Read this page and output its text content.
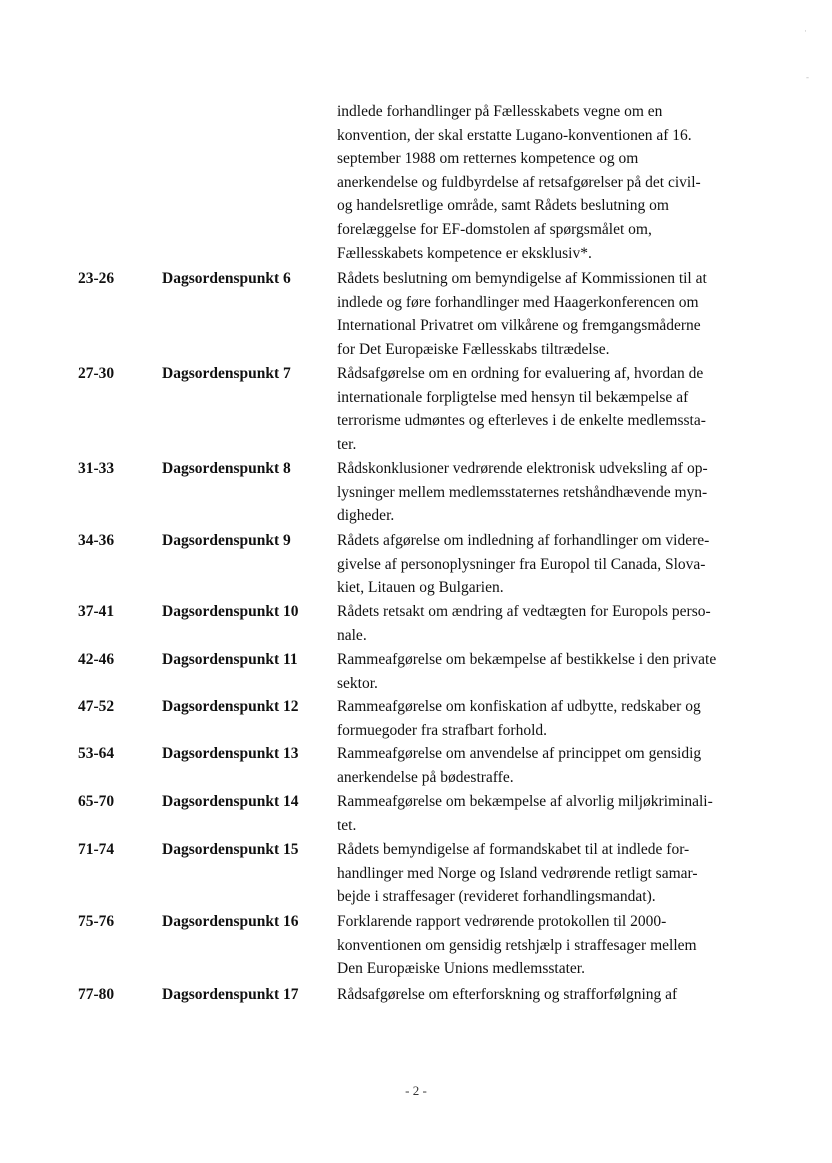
·
-
indlede forhandlinger på Fællesskabets vegne om en
konvention, der skal erstatte Lugano-konventionen af 16.
september 1988 om retternes kompetence og om
anerkendelse og fuldbyrdelse af retsafgørelser på det civil-
og handelsretlige område, samt Rådets beslutning om
forelæggelse for EF-domstolen af spørgsmålet om,
Fællesskabets kompetence er eksklusiv*.
23-26	Dagsordenspunkt 6	Rådets beslutning om bemyndigelse af Kommissionen til at
indlede og føre forhandlinger med Haagerkonferencen om
International Privatret om vilkårene og fremgangsmåderne
for Det Europæiske Fællesskabs tiltrædelse.
27-30	Dagsordenspunkt 7	Rådsafgørelse om en ordning for evaluering af, hvordan de
internationale forpligtelse med hensyn til bekæmpelse af
terrorisme udmøntes og efterleves i de enkelte medlemssta-
ter.
31-33	Dagsordenspunkt 8	Rådskonklusioner vedrørende elektronisk udveksling af op-
lysninger mellem medlemsstaternes retshåndhævende myn-
digheder.
34-36	Dagsordenspunkt 9	Rådets afgørelse om indledning af forhandlinger om videre-
givelse af personoplysninger fra Europol til Canada, Slova-
kiet, Litauen og Bulgarien.
37-41	Dagsordenspunkt 10	Rådets retsakt om ændring af vedtægten for Europols perso-
nale.
42-46	Dagsordenspunkt 11	Rammeafgørelse om bekæmpelse af bestikkelse i den private
sektor.
47-52	Dagsordenspunkt 12	Rammeafgørelse om konfiskation af udbytte, redskaber og
formuegoder fra strafbart forhold.
53-64	Dagsordenspunkt 13	Rammeafgørelse om anvendelse af princippet om gensidig
anerkendelse på bødestraffe.
65-70	Dagsordenspunkt 14	Rammeafgørelse om bekæmpelse af alvorlig miljøkriminali-
tet.
71-74	Dagsordenspunkt 15	Rådets bemyndigelse af formandskabet til at indlede for-
handlinger med Norge og Island vedrørende retligt samar-
bejde i straffesager (revideret forhandlingsmandat).
75-76	Dagsordenspunkt 16	Forklarende rapport vedrørende protokollen til 2000-
konventionen om gensidig retshjælp i straffesager mellem
Den Europæiske Unions medlemsstater.
77-80	Dagsordenspunkt 17	Rådsafgørelse om efterforskning og strafforfølgning af
- 2 -
